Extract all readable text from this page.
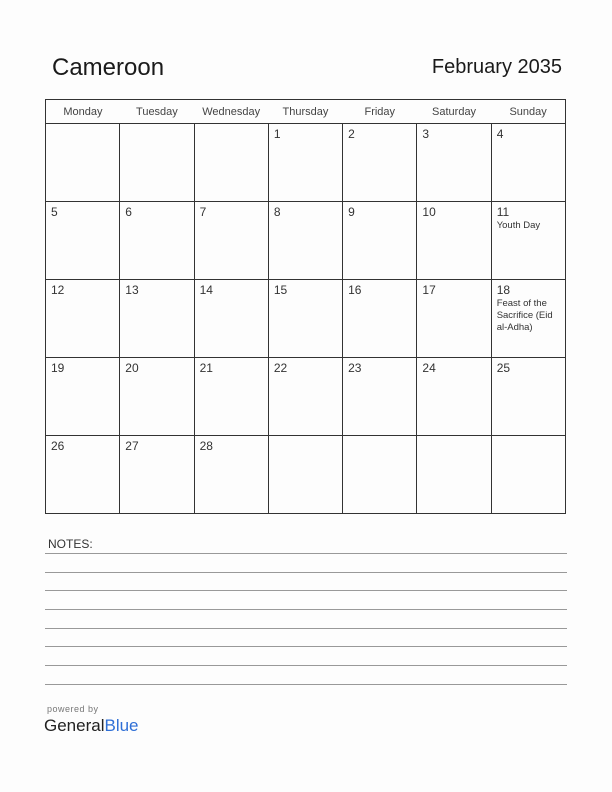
Cameroon	February 2035
Monday	Tuesday	Wednesday	Thursday	Friday	Saturday	Sunday

			1	2	3	4

5	6	7	8	9	10	11
Youth Day

12	13	14	15	16	17	18
Feast of the Sacrifice (Eid al-Adha)

19	20	21	22	23	24	25

26	27	28				

NOTES:
powered by
GeneralBlue
